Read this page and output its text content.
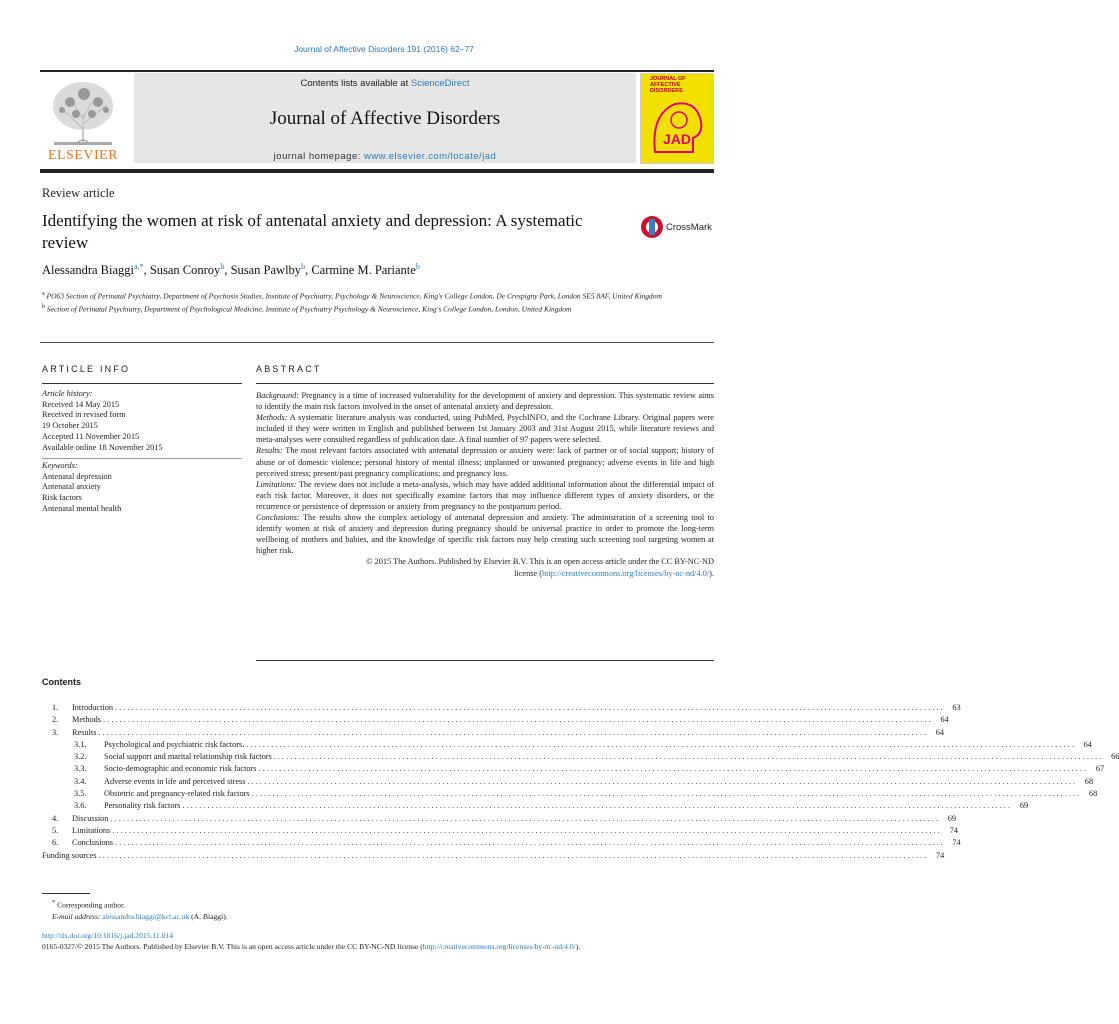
Journal of Affective Disorders 191 (2016) 62–77
Contents lists available at ScienceDirect
Journal of Affective Disorders
journal homepage: www.elsevier.com/locate/jad
ELSEVIER
JAD
JOURNAL OF AFFECTIVE DISORDERS
Review article
Identifying the women at risk of antenatal anxiety and depression: A systematic review
CrossMark
Alessandra Biaggi$^{a,*}$, Susan Conroy$^b$, Susan Pawlby$^b$, Carmine M. Pariante$^b$
$^a$ PO63 Section of Perinatal Psychiatry, Department of Psychosis Studies, Institute of Psychiatry, Psychology & Neuroscience, King's College London, De Crespigny Park, London SE5 8AF, United Kingdom
$^b$ Section of Perinatal Psychiatry, Department of Psychological Medicine, Institute of Psychiatry Psychology & Neuroscience, King's College London, London, United Kingdom
ARTICLE INFO	ABSTRACT
Article history:
Received 14 May 2015
Received in revised form
19 October 2015
Accepted 11 November 2015
Available online 18 November 2015
Keywords:
Antenatal depression
Antenatal anxiety
Risk factors
Antenatal mental health

Background: Pregnancy is a time of increased vulnerability for the development of anxiety and depression. This systematic review aims to identify the main risk factors involved in the onset of antenatal anxiety and depression.

Methods: A systematic literature analysis was conducted, using PubMed, PsychINFO, and the Cochrane Library. Original papers were included if they were written in English and published between 1st January 2003 and 31st August 2015, while literature reviews and meta-analyses were consulted regardless of publication date. A final number of 97 papers were selected.

Results: The most relevant factors associated with antenatal depression or anxiety were: lack of partner or of social support; history of abuse or of domestic violence; personal history of mental illness; unplanned or unwanted pregnancy; adverse events in life and high perceived stress; present/past pregnancy complications; and pregnancy loss.

Limitations: The review does not include a meta-analysis, which may have added additional information about the differential impact of each risk factor. Moreover, it does not specifically examine factors that may influence different types of anxiety disorders, or the recurrence or persistence of depression or anxiety from pregnancy to the postpartum period.

Conclusions: The results show the complex aetiology of antenatal depression and anxiety. The administration of a screening tool to identify women at risk of anxiety and depression during pregnancy should be universal practice in order to promote the long-term wellbeing of mothers and babies, and the knowledge of specific risk factors may help creating such screening tool targeting women at higher risk.

© 2015 The Authors. Published by Elsevier B.V. This is an open access article under the CC BY-NC-ND
license (http://creativecommons.org/licenses/by-nc-nd/4.0/).

Contents
1.	Introduction . . . . . . . . . . . . . . . . . . . . . . . . . . . . . . . . . . . . . . . . . . . . . . . . . . . . . . . . . . . . . . . . . . . . . . . . . . . . . . . . . . . . . . . . . . . . . . . . . . . . . . . . . . . . . . . . . . . . . . . . . . . . . . . . . . . . . . . . . . . . . . . . . . . . . . . . . . . . . . . . . . . . . . . . . . . . . . . . . . . . . . . . . . . . . . . . . . . . . . . .	63
2.	Methods . . . . . . . . . . . . . . . . . . . . . . . . . . . . . . . . . . . . . . . . . . . . . . . . . . . . . . . . . . . . . . . . . . . . . . . . . . . . . . . . . . . . . . . . . . . . . . . . . . . . . . . . . . . . . . . . . . . . . . . . . . . . . . . . . . . . . . . . . . . . . . . . . . . . . . . . . . . . . . . . . . . . . . . . . . . . . . . . . . . . . . . . . . . . . . . . . . . . . . . .	64
3.	Results . . . . . . . . . . . . . . . . . . . . . . . . . . . . . . . . . . . . . . . . . . . . . . . . . . . . . . . . . . . . . . . . . . . . . . . . . . . . . . . . . . . . . . . . . . . . . . . . . . . . . . . . . . . . . . . . . . . . . . . . . . . . . . . . . . . . . . . . . . . . . . . . . . . . . . . . . . . . . . . . . . . . . . . . . . . . . . . . . . . . . . . . . . . . . . . . . . . . . . . .	64
3.1.	Psychological and psychiatric risk factors. . . . . . . . . . . . . . . . . . . . . . . . . . . . . . . . . . . . . . . . . . . . . . . . . . . . . . . . . . . . . . . . . . . . . . . . . . . . . . . . . . . . . . . . . . . . . . . . . . . . . . . . . . . . . . . . . . . . . . . . . . . . . . . . . . . . . . . . . . . . . . . . . . . . . . . . . . . . . . . . . . . . . . . . . . . . . . . . . . . . . . . . . . . . . . . . . . . . . . . . .	64
3.2.	Social support and marital relationship risk factors . . . . . . . . . . . . . . . . . . . . . . . . . . . . . . . . . . . . . . . . . . . . . . . . . . . . . . . . . . . . . . . . . . . . . . . . . . . . . . . . . . . . . . . . . . . . . . . . . . . . . . . . . . . . . . . . . . . . . . . . . . . . . . . . . . . . . . . . . . . . . . . . . . . . . . . . . . . . . . . . . . . . . . . . . . . . . . . . . . . . . . . . . . . . . . . . . . . . . . . .	66
3.3.	Socio-demographic and economic risk factors . . . . . . . . . . . . . . . . . . . . . . . . . . . . . . . . . . . . . . . . . . . . . . . . . . . . . . . . . . . . . . . . . . . . . . . . . . . . . . . . . . . . . . . . . . . . . . . . . . . . . . . . . . . . . . . . . . . . . . . . . . . . . . . . . . . . . . . . . . . . . . . . . . . . . . . . . . . . . . . . . . . . . . . . . . . . . . . . . . . . . . . . . . . . . . . . . . . . . . . .	67
3.4.	Adverse events in life and perceived stress . . . . . . . . . . . . . . . . . . . . . . . . . . . . . . . . . . . . . . . . . . . . . . . . . . . . . . . . . . . . . . . . . . . . . . . . . . . . . . . . . . . . . . . . . . . . . . . . . . . . . . . . . . . . . . . . . . . . . . . . . . . . . . . . . . . . . . . . . . . . . . . . . . . . . . . . . . . . . . . . . . . . . . . . . . . . . . . . . . . . . . . . . . . . . . . . . . . . . . . .	68
3.5.	Obstetric and pregnancy-related risk factors . . . . . . . . . . . . . . . . . . . . . . . . . . . . . . . . . . . . . . . . . . . . . . . . . . . . . . . . . . . . . . . . . . . . . . . . . . . . . . . . . . . . . . . . . . . . . . . . . . . . . . . . . . . . . . . . . . . . . . . . . . . . . . . . . . . . . . . . . . . . . . . . . . . . . . . . . . . . . . . . . . . . . . . . . . . . . . . . . . . . . . . . . . . . . . . . . . . . . . . .	68
3.6.	Personality risk factors . . . . . . . . . . . . . . . . . . . . . . . . . . . . . . . . . . . . . . . . . . . . . . . . . . . . . . . . . . . . . . . . . . . . . . . . . . . . . . . . . . . . . . . . . . . . . . . . . . . . . . . . . . . . . . . . . . . . . . . . . . . . . . . . . . . . . . . . . . . . . . . . . . . . . . . . . . . . . . . . . . . . . . . . . . . . . . . . . . . . . . . . . . . . . . . . . . . . . . . .	69
4.	Discussion . . . . . . . . . . . . . . . . . . . . . . . . . . . . . . . . . . . . . . . . . . . . . . . . . . . . . . . . . . . . . . . . . . . . . . . . . . . . . . . . . . . . . . . . . . . . . . . . . . . . . . . . . . . . . . . . . . . . . . . . . . . . . . . . . . . . . . . . . . . . . . . . . . . . . . . . . . . . . . . . . . . . . . . . . . . . . . . . . . . . . . . . . . . . . . . . . . . . . . . .	69
5.	Limitations . . . . . . . . . . . . . . . . . . . . . . . . . . . . . . . . . . . . . . . . . . . . . . . . . . . . . . . . . . . . . . . . . . . . . . . . . . . . . . . . . . . . . . . . . . . . . . . . . . . . . . . . . . . . . . . . . . . . . . . . . . . . . . . . . . . . . . . . . . . . . . . . . . . . . . . . . . . . . . . . . . . . . . . . . . . . . . . . . . . . . . . . . . . . . . . . . . . . . . . .	74
6.	Conclusions . . . . . . . . . . . . . . . . . . . . . . . . . . . . . . . . . . . . . . . . . . . . . . . . . . . . . . . . . . . . . . . . . . . . . . . . . . . . . . . . . . . . . . . . . . . . . . . . . . . . . . . . . . . . . . . . . . . . . . . . . . . . . . . . . . . . . . . . . . . . . . . . . . . . . . . . . . . . . . . . . . . . . . . . . . . . . . . . . . . . . . . . . . . . . . . . . . . . . . . .	74
Funding sources . . . . . . . . . . . . . . . . . . . . . . . . . . . . . . . . . . . . . . . . . . . . . . . . . . . . . . . . . . . . . . . . . . . . . . . . . . . . . . . . . . . . . . . . . . . . . . . . . . . . . . . . . . . . . . . . . . . . . . . . . . . . . . . . . . . . . . . . . . . . . . . . . . . . . . . . . . . . . . . . . . . . . . . . . . . . . . . . . . . . . . . . . . . . . . . . . . . . . . . .	74
* Corresponding author.
E-mail address: alessandra.biaggi@kcl.ac.uk (A. Biaggi).
http://dx.doi.org/10.1016/j.jad.2015.11.014
0165-0327/© 2015 The Authors. Published by Elsevier B.V. This is an open access article under the CC BY-NC-ND license (http://creativecommons.org/licenses/by-nc-nd/4.0/).
